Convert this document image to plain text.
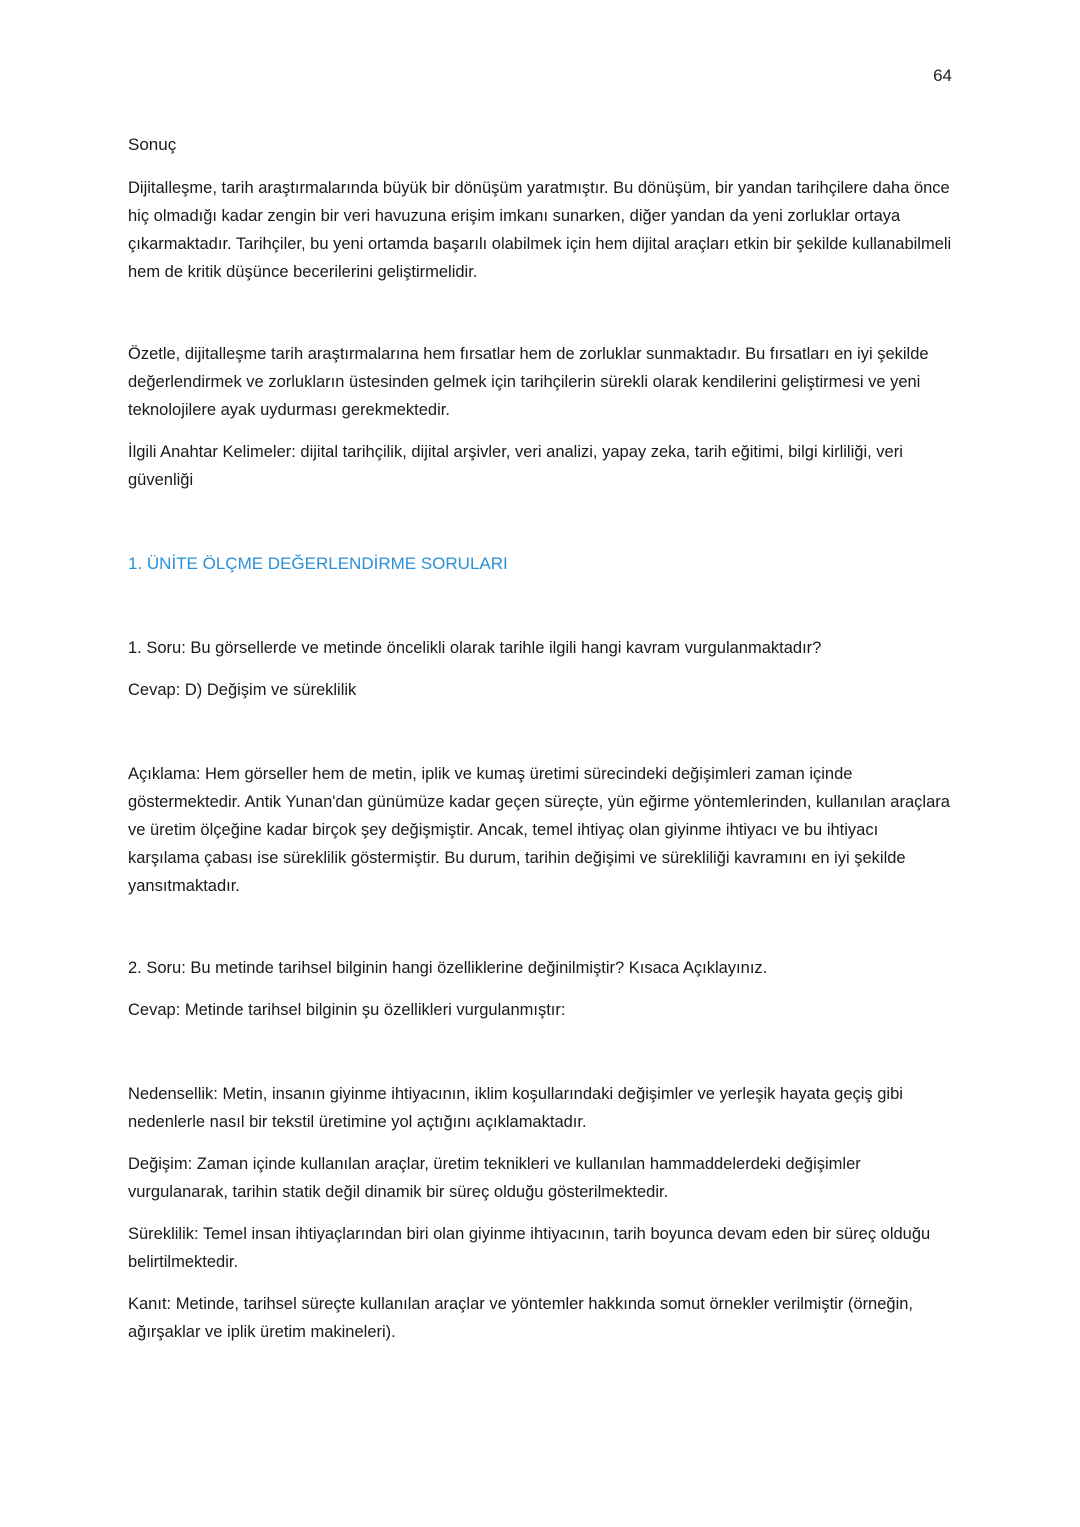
64
Sonuç

Dijitalleşme, tarih araştırmalarında büyük bir dönüşüm yaratmıştır. Bu dönüşüm, bir yandan tarihçilere daha önce hiç olmadığı kadar zengin bir veri havuzuna erişim imkanı sunarken, diğer yandan da yeni zorluklar ortaya çıkarmaktadır. Tarihçiler, bu yeni ortamda başarılı olabilmek için hem dijital araçları etkin bir şekilde kullanabilmeli hem de kritik düşünce becerilerini geliştirmelidir.

Özetle, dijitalleşme tarih araştırmalarına hem fırsatlar hem de zorluklar sunmaktadır. Bu fırsatları en iyi şekilde değerlendirmek ve zorlukların üstesinden gelmek için tarihçilerin sürekli olarak kendilerini geliştirmesi ve yeni teknolojilere ayak uydurması gerekmektedir.

İlgili Anahtar Kelimeler: dijital tarihçilik, dijital arşivler, veri analizi, yapay zeka, tarih eğitimi, bilgi kirliliği, veri güvenliği

1. ÜNİTE ÖLÇME DEĞERLENDİRME SORULARI

1. Soru: Bu görsellerde ve metinde öncelikli olarak tarihle ilgili hangi kavram vurgulanmaktadır?

Cevap: D) Değişim ve süreklilik

Açıklama: Hem görseller hem de metin, iplik ve kumaş üretimi sürecindeki değişimleri zaman içinde göstermektedir. Antik Yunan'dan günümüze kadar geçen süreçte, yün eğirme yöntemlerinden, kullanılan araçlara ve üretim ölçeğine kadar birçok şey değişmiştir. Ancak, temel ihtiyaç olan giyinme ihtiyacı ve bu ihtiyacı karşılama çabası ise süreklilik göstermiştir. Bu durum, tarihin değişimi ve sürekliliği kavramını en iyi şekilde yansıtmaktadır.

2. Soru: Bu metinde tarihsel bilginin hangi özelliklerine değinilmiştir? Kısaca Açıklayınız.

Cevap: Metinde tarihsel bilginin şu özellikleri vurgulanmıştır:

Nedensellik: Metin, insanın giyinme ihtiyacının, iklim koşullarındaki değişimler ve yerleşik hayata geçiş gibi nedenlerle nasıl bir tekstil üretimine yol açtığını açıklamaktadır.

Değişim: Zaman içinde kullanılan araçlar, üretim teknikleri ve kullanılan hammaddelerdeki değişimler vurgulanarak, tarihin statik değil dinamik bir süreç olduğu gösterilmektedir.

Süreklilik: Temel insan ihtiyaçlarından biri olan giyinme ihtiyacının, tarih boyunca devam eden bir süreç olduğu belirtilmektedir.

Kanıt: Metinde, tarihsel süreçte kullanılan araçlar ve yöntemler hakkında somut örnekler verilmiştir (örneğin, ağırşaklar ve iplik üretim makineleri).
